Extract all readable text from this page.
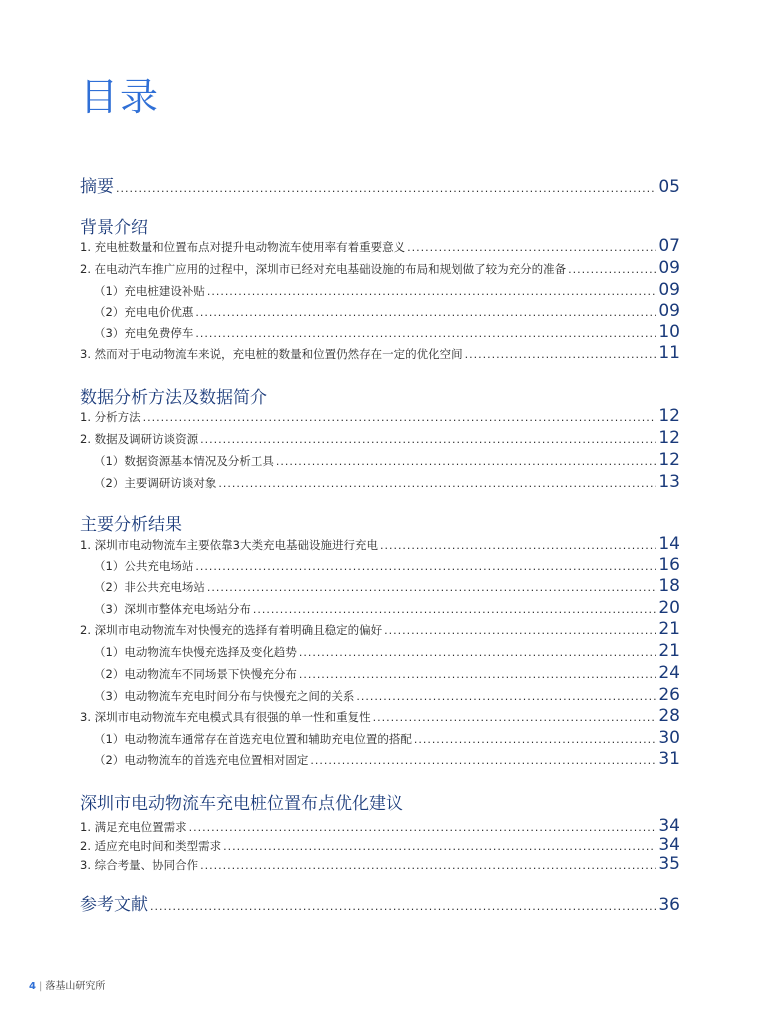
目录
摘要 .....	05
背景介绍
1. 充电桩数量和位置布点对提升电动物流车使用率有着重要意义 .....	07
2. 在电动汽车推广应用的过程中，深圳市已经对充电基础设施的布局和规划做了较为充分的准备 .....	09
（1）充电桩建设补贴 .....	09
（2）充电电价优惠 .....	09
（3）充电免费停车 .....	10
3. 然而对于电动物流车来说，充电桩的数量和位置仍然存在一定的优化空间 .....	11
数据分析方法及数据简介
1. 分析方法 .....	12
2. 数据及调研访谈资源 .....	12
（1）数据资源基本情况及分析工具 .....	12
（2）主要调研访谈对象 .....	13
主要分析结果
1. 深圳市电动物流车主要依靠3大类充电基础设施进行充电 .....	14
（1）公共充电场站 .....	16
（2）非公共充电场站 .....	18
（3）深圳市整体充电场站分布 .....	20
2. 深圳市电动物流车对快慢充的选择有着明确且稳定的偏好 .....	21
（1）电动物流车快慢充选择及变化趋势 .....	21
（2）电动物流车不同场景下快慢充分布 .....	24
（3）电动物流车充电时间分布与快慢充之间的关系 .....	26
3. 深圳市电动物流车充电模式具有很强的单一性和重复性 .....	28
（1）电动物流车通常存在首选充电位置和辅助充电位置的搭配 .....	30
（2）电动物流车的首选充电位置相对固定 .....	31
深圳市电动物流车充电桩位置布点优化建议
1. 满足充电位置需求 .....	34
2. 适应充电时间和类型需求 .....	34
3. 综合考量、协同合作 .....	35
参考文献 .....	36
4 | 落基山研究所
